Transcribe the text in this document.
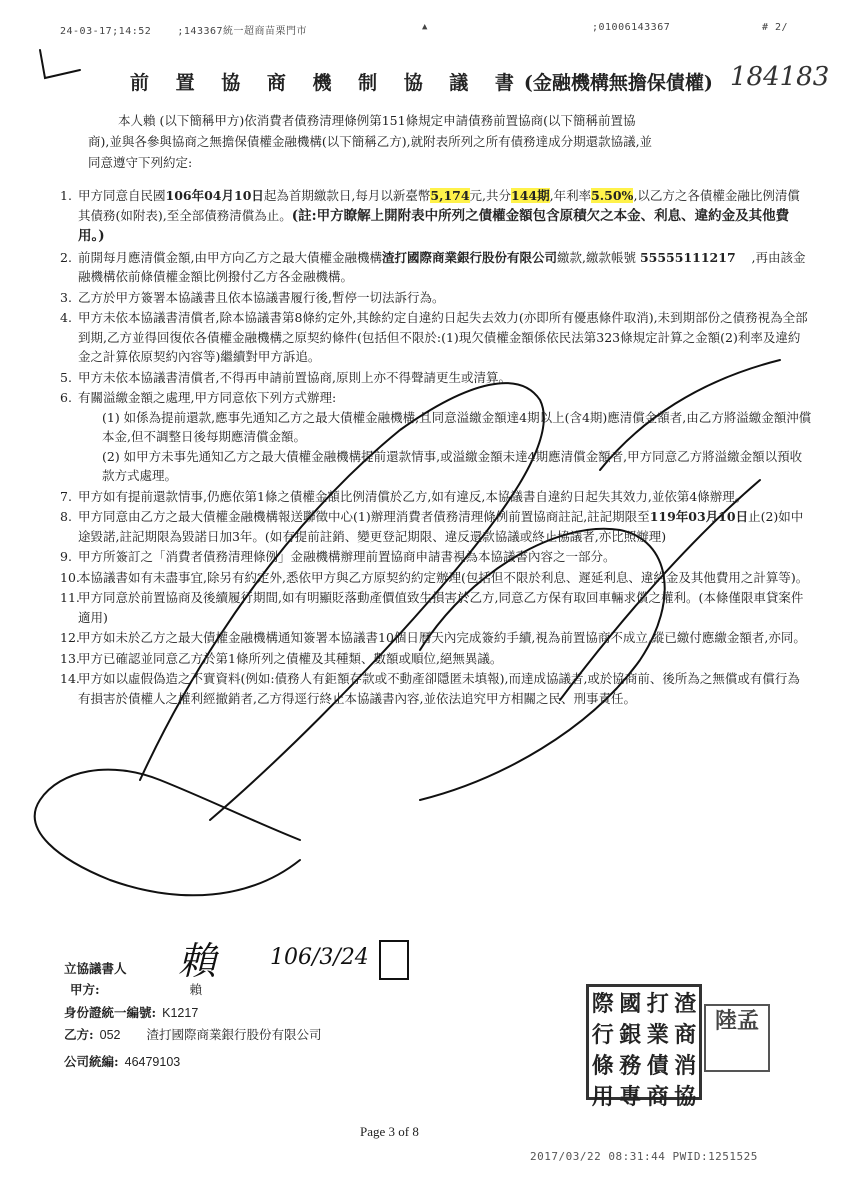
24-03-17;14:52	;143367統一超商苗栗門市	▲	;01006143367	# 2/
前 置 協 商 機 制 協 議 書(金融機構無擔保債權) 184183
本人賴 (以下簡稱甲方)依消費者債務清理條例第151條規定申請債務前置協商(以下簡稱前置協
商),並與各參與協商之無擔保債權金融機構(以下簡稱乙方),就附表所列之所有債務達成分期還款協議,並
同意遵守下列約定:
1. 甲方同意自民國106年04月10日起為首期繳款日,每月以新臺幣5,174元,共分144期,年利率5.50%,以乙方之各債權金融比例清償其債務(如附表),至全部債務清償為止。(註:甲方瞭解上開附表中所列之債權金額包含原積欠之本金、利息、違約金及其他費用。)
2. 前開每月應清償金額,由甲方向乙方之最大債權金融機構渣打國際商業銀行股份有限公司繳款,繳款帳號 55555111217    ,再由該金融機構依前條債權金額比例撥付乙方各金融機構。
3. 乙方於甲方簽署本協議書且依本協議書履行後,暫停一切法訴行為。
4. 甲方未依本協議書清償者,除本協議書第8條約定外,其餘約定自違約日起失去效力(亦即所有優惠條件取消),未到期部份之債務視為全部到期,乙方並得回復依各債權金融機構之原契約條件(包括但不限於:(1)現欠債權金額係依民法第323條規定計算之金額(2)利率及違約金之計算依原契約內容等)繼續對甲方訴追。
5. 甲方未依本協議書清償者,不得再申請前置協商,原則上亦不得聲請更生或清算。
6. 有關溢繳金額之處理,甲方同意依下列方式辦理:
(1) 如係為提前還款,應事先通知乙方之最大債權金融機構,且同意溢繳金額達4期以上(含4期)應清償金額者,由乙方將溢繳金額沖償本金,但不調整日後每期應清償金額。
(2) 如甲方未事先通知乙方之最大債權金融機構提前還款情事,或溢繳金額未達4期應清償金額者,甲方同意乙方將溢繳金額以預收款方式處理。
7. 甲方如有提前還款情事,仍應依第1條之債權金額比例清償於乙方,如有違反,本協議書自違約日起失其效力,並依第4條辦理。
8. 甲方同意由乙方之最大債權金融機構報送聯徵中心(1)辦理消費者債務清理條例前置協商註記,註記期限至119年03月10日止(2)如中途毀諾,註記期限為毀諾日加3年。(如有提前註銷、變更登記期限、違反還款協議或終止協議者,亦比照辦理)
9. 甲方所簽訂之「消費者債務清理條例」金融機構辦理前置協商申請書視為本協議書內容之一部分。
10.
本協議書如有未盡事宜,除另有約定外,悉依甲方與乙方原契約約定辦理(包括但不限於利息、遲延利息、違約金及其他費用之計算等)。
11.
甲方同意於前置協商及後續履行期間,如有明顯貶落動產價值致生損害於乙方,同意乙方保有取回車輛求償之權利。(本條僅限車貸案件適用)
12.
甲方如未於乙方之最大債權金融機構通知簽署本協議書10個日曆天內完成簽約手續,視為前置協商不成立,縱已繳付應繳金額者,亦同。
13.
甲方已確認並同意乙方於第1條所列之債權及其種類、數額或順位,絕無異議。
14.
甲方如以虛假偽造之不實資料(例如:債務人有鉅額存款或不動產卻隱匿未填報),而達成協議者,或於協商前、後所為之無償或有償行為有損害於債權人之權利經撤銷者,乙方得逕行終止本協議書內容,並依法追究甲方相關之民、刑事責任。
立協議書人 賴 106/3/24
甲方:	賴
身份證統一編號: K1217
乙方: 052 渣打國際商業銀行股份有限公司
公司統編: 46479103
渣
商
消
協
打
業
債
商
國
銀
務
專
際
行
條
用
陸孟
Page 3 of 8
2017/03/22 08:31:44 PWID:1251525
